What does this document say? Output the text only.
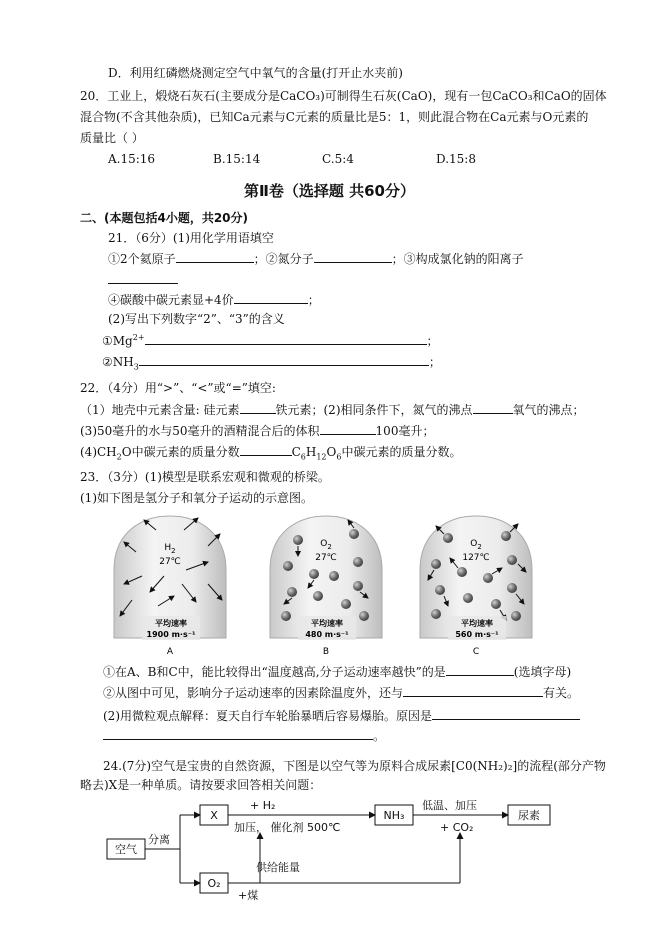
D．利用红磷燃烧测定空气中氧气的含量(打开止水夹前)
20．工业上，煅烧石灰石(主要成分是CaCO₃)可制得生石灰(CaO)，现有一包CaCO₃和CaO的固体
混合物(不含其他杂质)，已知Ca元素与C元素的质量比是5：1，则此混合物在Ca元素与O元素的
质量比（ ）
A.15:16	B.15:14	C.5:4	D.15:8
第Ⅱ卷（选择题 共60分）
二、(本题包括4小题，共20分)
21．（6分）(1)用化学用语填空
①2个氦原子	；②氮分子	；③构成氯化钠的阳离子
④碳酸中碳元素显+4价	；
(2)写出下列数字“2”、“3”的含义
$①Mg^{2+}$	；
$②NH_3$	；
22．（4分）用“>”、“<”或“=”填空:
（1）地壳中元素含量: 硅元素	铁元素；(2)相同条件下，氮气的沸点	氧气的沸点；
(3)50毫升的水与50毫升的酒精混合后的体积	100毫升；
$(4)CH_2O$中碳元素的质量分数	$C_6H_{12}O_6$中碳元素的质量分数。
23．（3分）(1)模型是联系宏观和微观的桥梁。
(1)如下图是氢分子和氧分子运动的示意图。
$H_2$
27℃
平均速率
1900 m·s⁻¹
A
$O_2$
27℃
平均速率
480 m·s⁻¹
B
$O_2$
127℃
平均速率
560 m·s⁻¹
C
①在A、B和C中，能比较得出“温度越高,分子运动速率越快”的是	(选填字母)
②从图中可见，影响分子运动速率的因素除温度外，还与	有关。
(2)用微粒观点解释：夏天自行车轮胎暴晒后容易爆胎。原因是
。
24.(7分)空气是宝贵的自然资源，下图是以空气等为原料合成尿素[C0(NH₂)₂]的流程(部分产物
略去)X是一种单质。请按要求回答相关问题：
空气
X	NH₃	尿素
O₂
分离
+ H₂
加压， 催化剂 500℃
低温、加压
+ CO₂
供给能量
+煤
